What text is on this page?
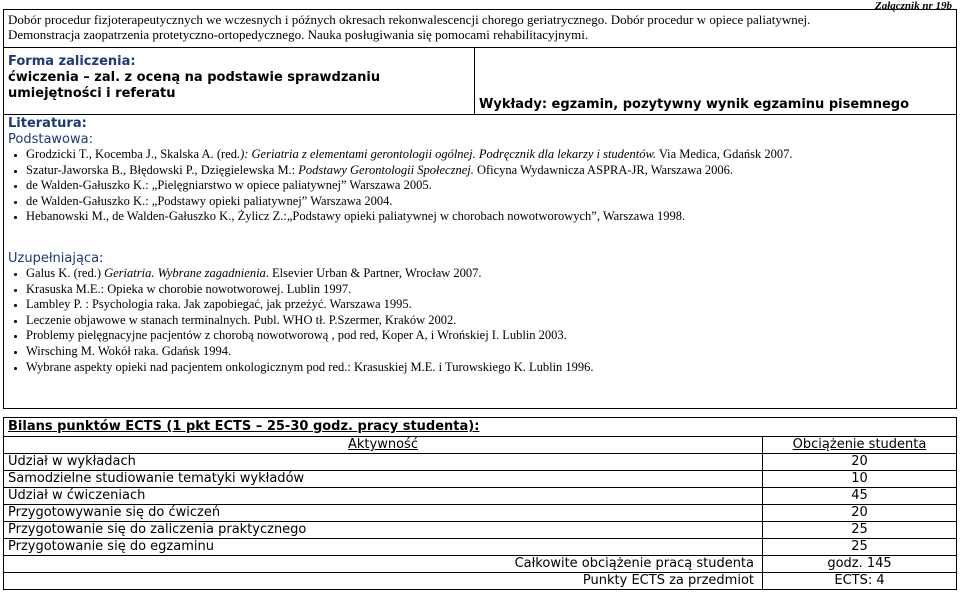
Załącznik nr 19b
Dobór procedur fizjoterapeutycznych we wczesnych i późnych okresach rekonwalescencji chorego geriatrycznego. Dobór procedur w opiece paliatywnej.
Demonstracja zaopatrzenia protetyczno-ortopedycznego. Nauka posługiwania się pomocami rehabilitacyjnymi.

Forma zaliczenia:
ćwiczenia – zal. z oceną na podstawie sprawdzaniu umiejętności i referatu

Wykłady: egzamin, pozytywny wynik egzaminu pisemnego

Literatura:
Podstawowa:
• Grodzicki T., Kocemba J., Skalska A. (red.): Geriatria z elementami gerontologii ogólnej. Podręcznik dla lekarzy i studentów. Via Medica, Gdańsk 2007.
• Szatur-Jaworska B., Błędowski P., Dzięgielewska M.: Podstawy Gerontologii Społecznej. Oficyna Wydawnicza ASPRA-JR, Warszawa 2006.
• de Walden-Gałuszko K.: „Pielęgniarstwo w opiece paliatywnej” Warszawa 2005.
• de Walden-Gałuszko K.: „Podstawy opieki paliatywnej” Warszawa 2004.
• Hebanowski M., de Walden-Gałuszko K., Żylicz Z.:„Podstawy opieki paliatywnej w chorobach nowotworowych”, Warszawa 1998.
Uzupełniająca:
• Galus K. (red.) Geriatria. Wybrane zagadnienia. Elsevier Urban & Partner, Wrocław 2007.
• Krasuska M.E.: Opieka w chorobie nowotworowej. Lublin 1997.
• Lambley P. : Psychologia raka. Jak zapobiegać, jak przeżyć. Warszawa 1995.
• Leczenie objawowe w stanach terminalnych. Publ. WHO tł. P.Szermer, Kraków 2002.
• Problemy pielęgnacyjne pacjentów z chorobą nowotworową , pod red, Koper A, i Wrońskiej I. Lublin 2003.
• Wirsching M. Wokół raka. Gdańsk 1994.
• Wybrane aspekty opieki nad pacjentem onkologicznym pod red.: Krasuskiej M.E. i Turowskiego K. Lublin 1996.
Bilans punktów ECTS (1 pkt ECTS – 25-30 godz. pracy studenta):	
Aktywność	Obciążenie studenta
Udział w wykładach	20
Samodzielne studiowanie tematyki wykładów	10
Udział w ćwiczeniach	45
Przygotowywanie się do ćwiczeń	20
Przygotowanie się do zaliczenia praktycznego	25
Przygotowanie się do egzaminu	25
Całkowite obciążenie pracą studenta	godz. 145
Punkty ECTS za przedmiot	ECTS: 4
